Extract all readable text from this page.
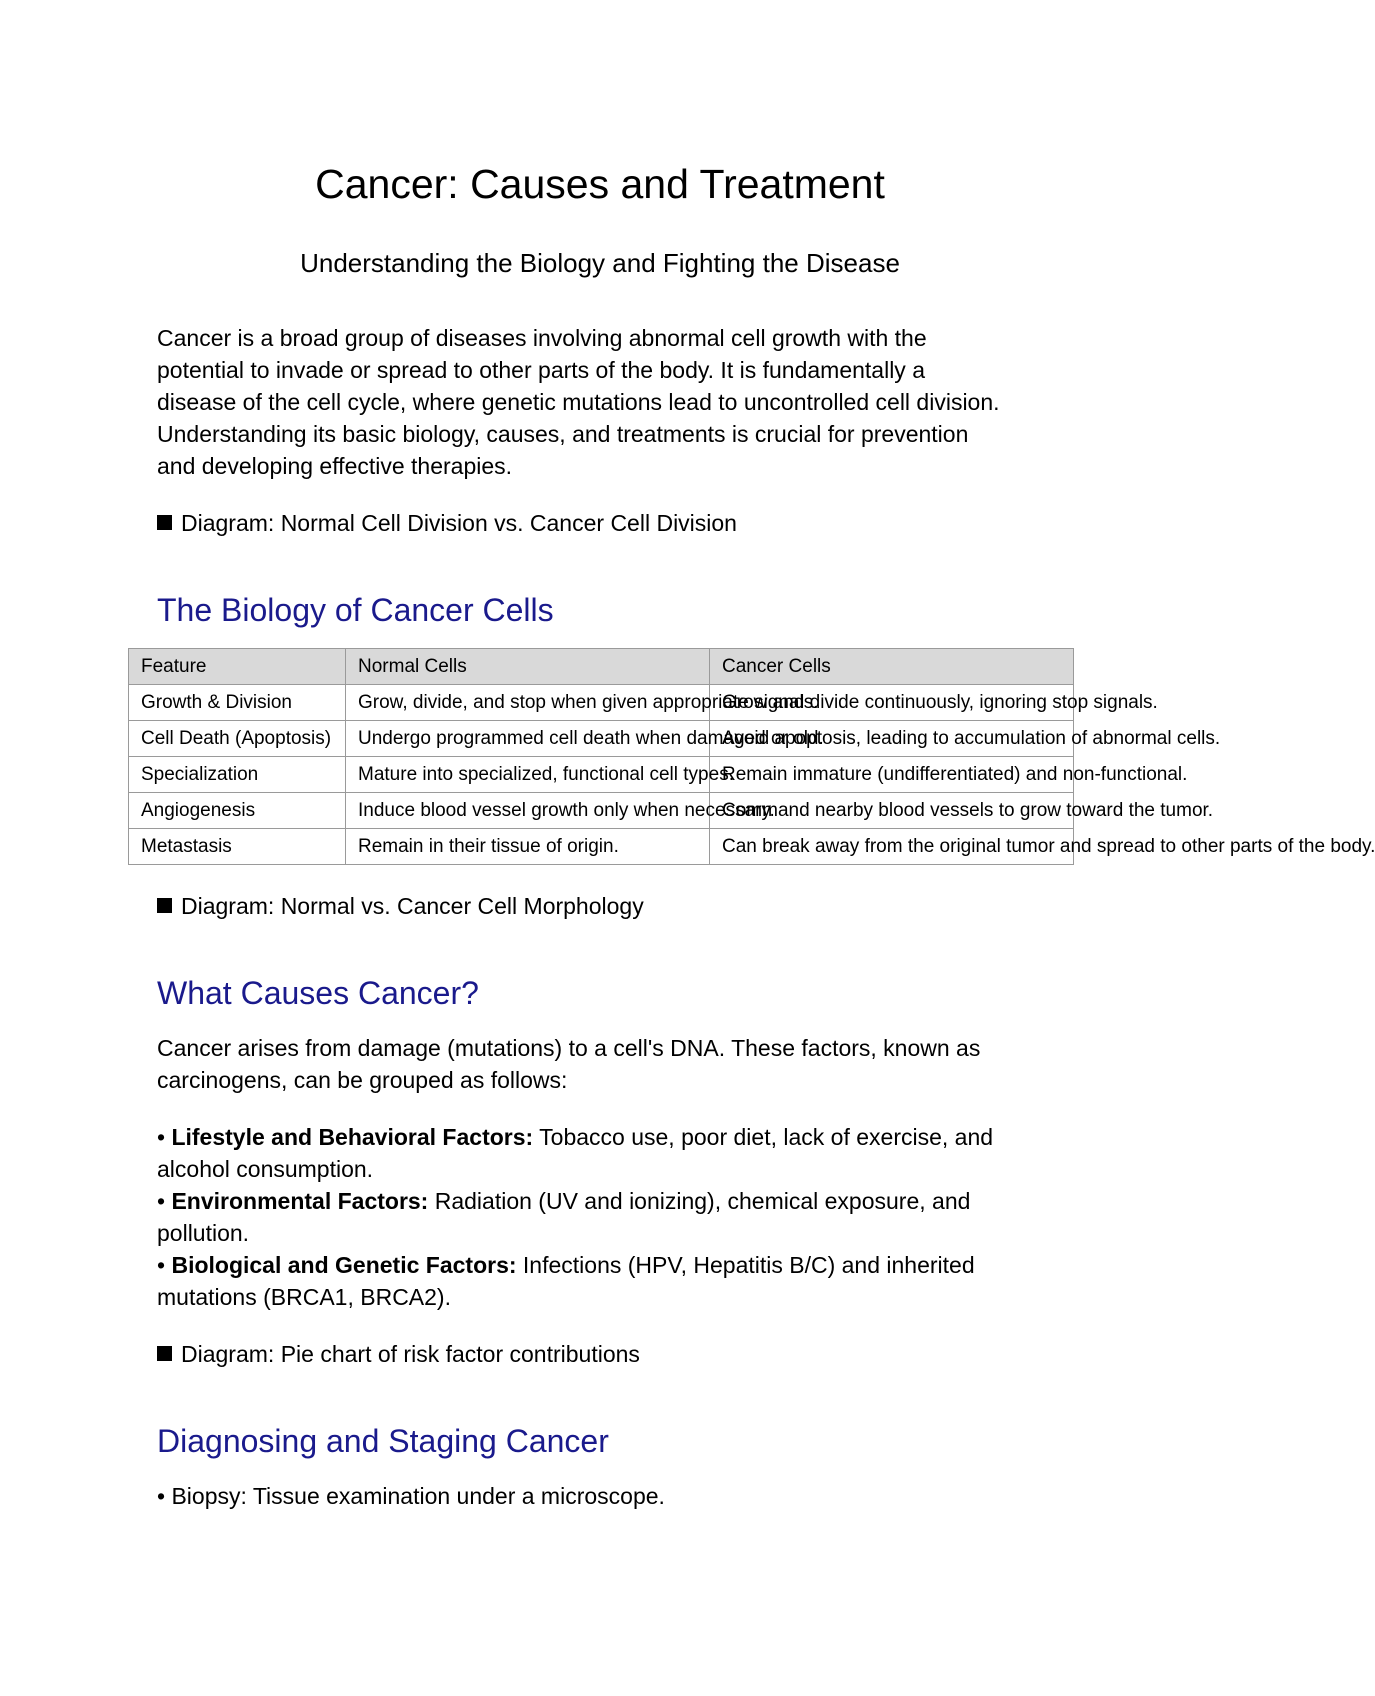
Cancer: Causes and Treatment
Understanding the Biology and Fighting the Disease

Cancer is a broad group of diseases involving abnormal cell growth with the

potential to invade or spread to other parts of the body. It is fundamentally a

disease of the cell cycle, where genetic mutations lead to uncontrolled cell division.

Understanding its basic biology, causes, and treatments is crucial for prevention

and developing effective therapies.

Diagram: Normal Cell Division vs. Cancer Cell Division

The Biology of Cancer Cells
Feature	Normal Cells	Cancer Cells
Growth & Division	Grow, divide, and stop when given appropriate signals.	Grow and divide continuously, ignoring stop signals.
Cell Death (Apoptosis)	Undergo programmed cell death when damaged or old.	Avoid apoptosis, leading to accumulation of abnormal cells.
Specialization	Mature into specialized, functional cell types.	Remain immature (undifferentiated) and non-functional.
Angiogenesis	Induce blood vessel growth only when necessary.	Command nearby blood vessels to grow toward the tumor.
Metastasis	Remain in their tissue of origin.	Can break away from the original tumor and spread to other parts of the body.

Diagram: Normal vs. Cancer Cell Morphology

What Causes Cancer?

Cancer arises from damage (mutations) to a cell's DNA. These factors, known as

carcinogens, can be grouped as follows:

• Lifestyle and Behavioral Factors: Tobacco use, poor diet, lack of exercise, and

alcohol consumption.

• Environmental Factors: Radiation (UV and ionizing), chemical exposure, and

pollution.

• Biological and Genetic Factors: Infections (HPV, Hepatitis B/C) and inherited

mutations (BRCA1, BRCA2).

Diagram: Pie chart of risk factor contributions

Diagnosing and Staging Cancer

• Biopsy: Tissue examination under a microscope.
